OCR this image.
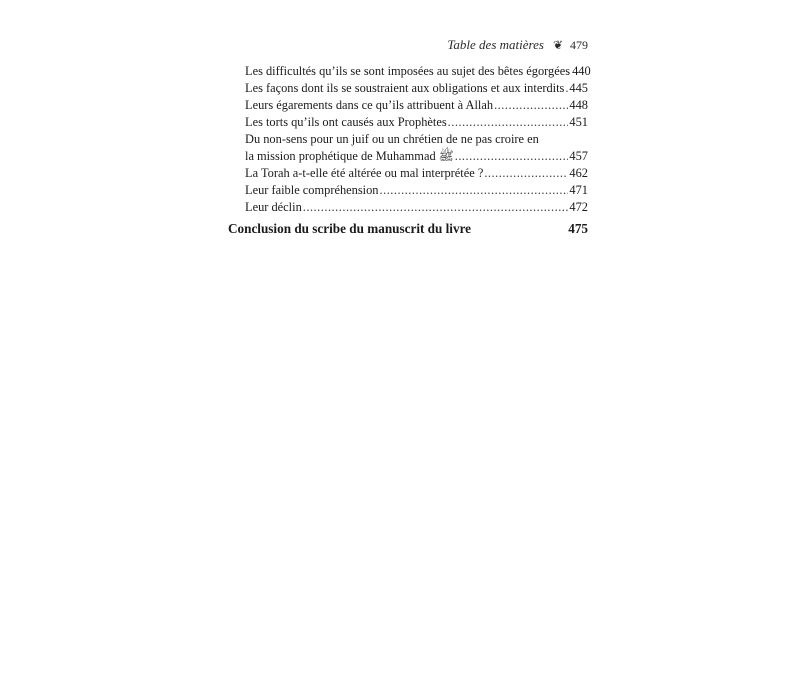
Table des matières ❦ 479
Les difficultés qu’ils se sont imposées au sujet des bêtes égorgées 440
Les façons dont ils se soustraient aux obligations et aux interdits ..... 445
Leurs égarements dans ce qu’ils attribuent à Allah .....	448
Les torts qu’ils ont causés aux Prophètes .....	451
Du non-sens pour un juif ou un chrétien de ne pas croire en
la mission prophétique de Muhammad ﷺ .....	457
La Torah a-t-elle été altérée ou mal interprétée ? .....	462
Leur faible compréhension .....	471
Leur déclin .....	472
Conclusion du scribe du manuscrit du livre	475
